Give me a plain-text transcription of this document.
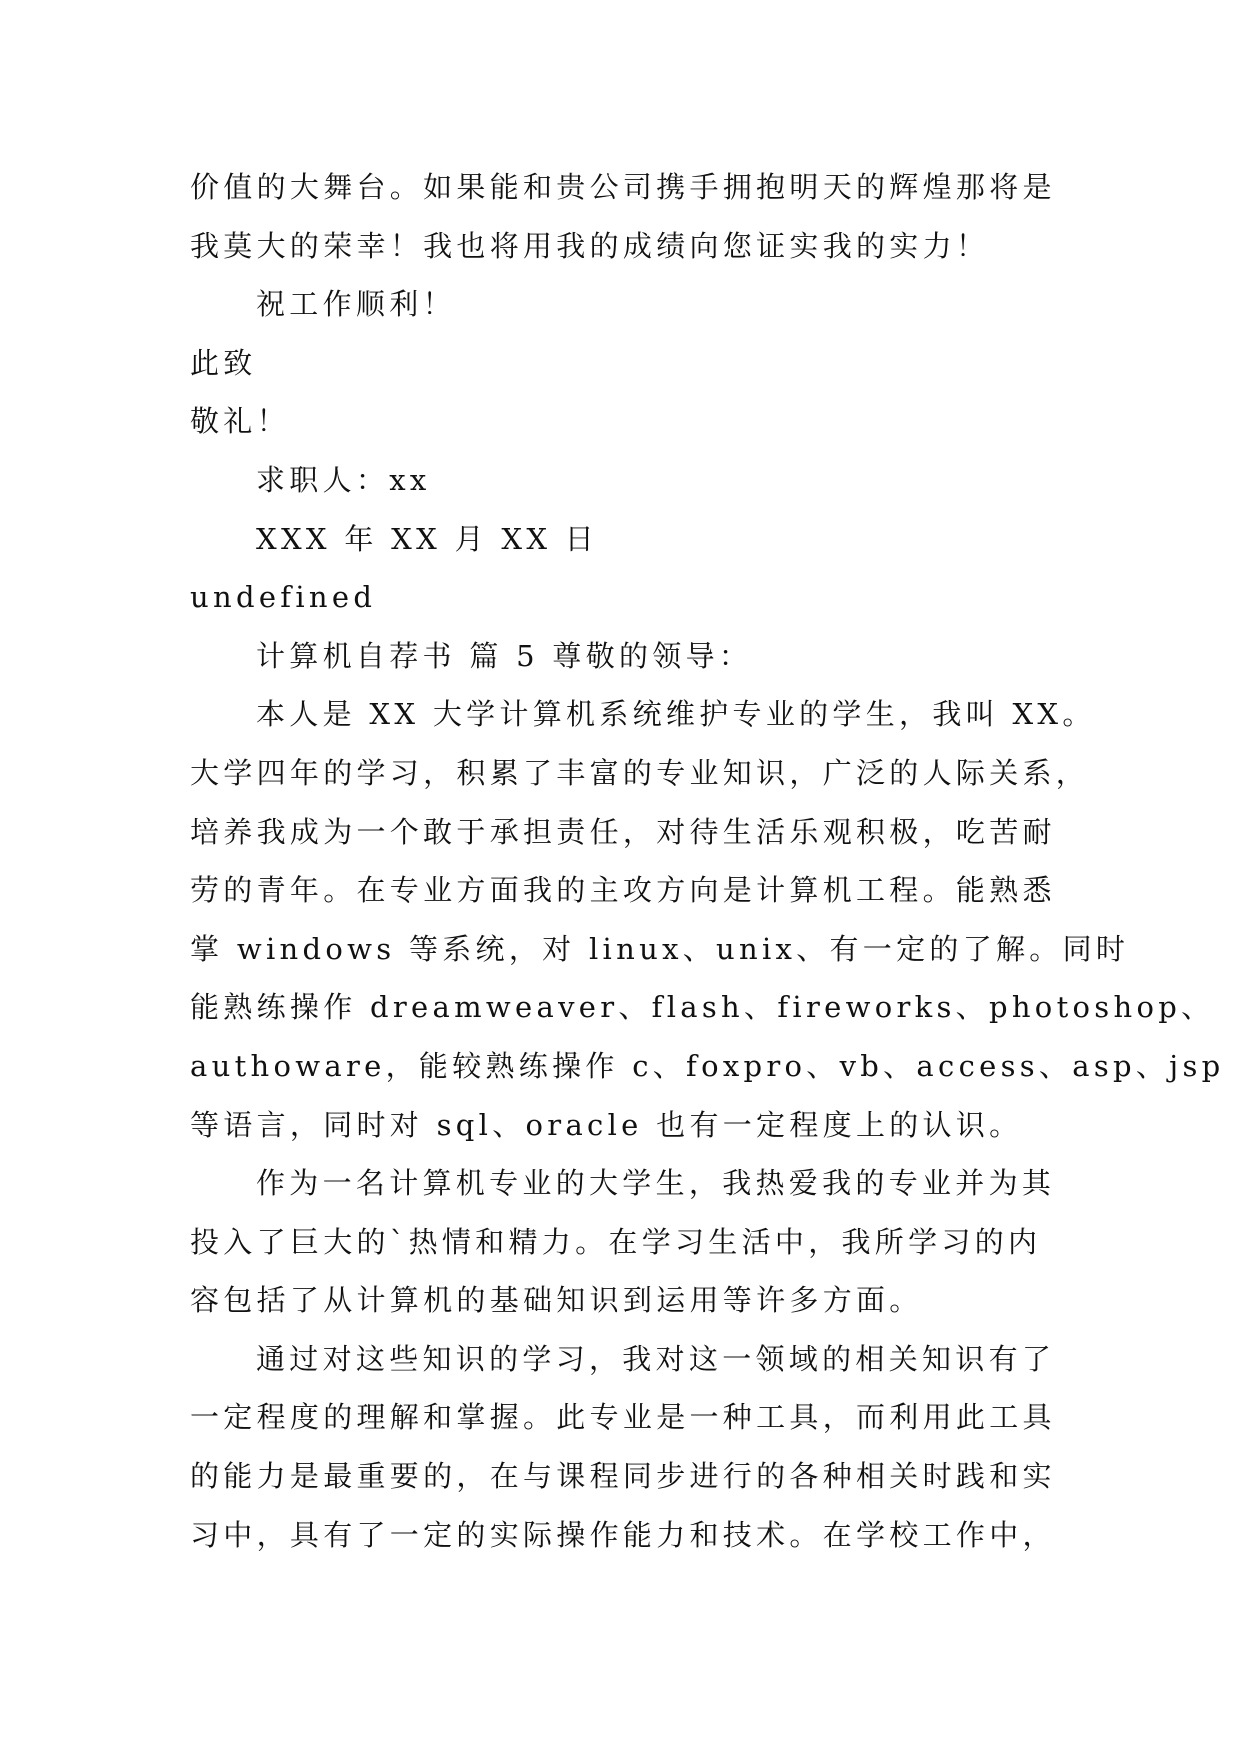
价值的大舞台。如果能和贵公司携手拥抱明天的辉煌那将是
我莫大的荣幸！我也将用我的成绩向您证实我的实力！
祝工作顺利！
此致
敬礼！
求职人：xx
XXX 年 XX 月 XX 日
undefined
计算机自荐书 篇 5 尊敬的领导：
本人是 XX 大学计算机系统维护专业的学生，我叫 XX。
大学四年的学习，积累了丰富的专业知识，广泛的人际关系，
培养我成为一个敢于承担责任，对待生活乐观积极，吃苦耐
劳的青年。在专业方面我的主攻方向是计算机工程。能熟悉
掌 windows 等系统，对 linux、unix、有一定的了解。同时
能熟练操作 dreamweaver、flash、fireworks、photoshop、
authoware，能较熟练操作 c、foxpro、vb、access、asp、jsp
等语言，同时对 sql、oracle 也有一定程度上的认识。
作为一名计算机专业的大学生，我热爱我的专业并为其
投入了巨大的`热情和精力。在学习生活中，我所学习的内
容包括了从计算机的基础知识到运用等许多方面。
通过对这些知识的学习，我对这一领域的相关知识有了
一定程度的理解和掌握。此专业是一种工具，而利用此工具
的能力是最重要的，在与课程同步进行的各种相关时践和实
习中，具有了一定的实际操作能力和技术。在学校工作中，
